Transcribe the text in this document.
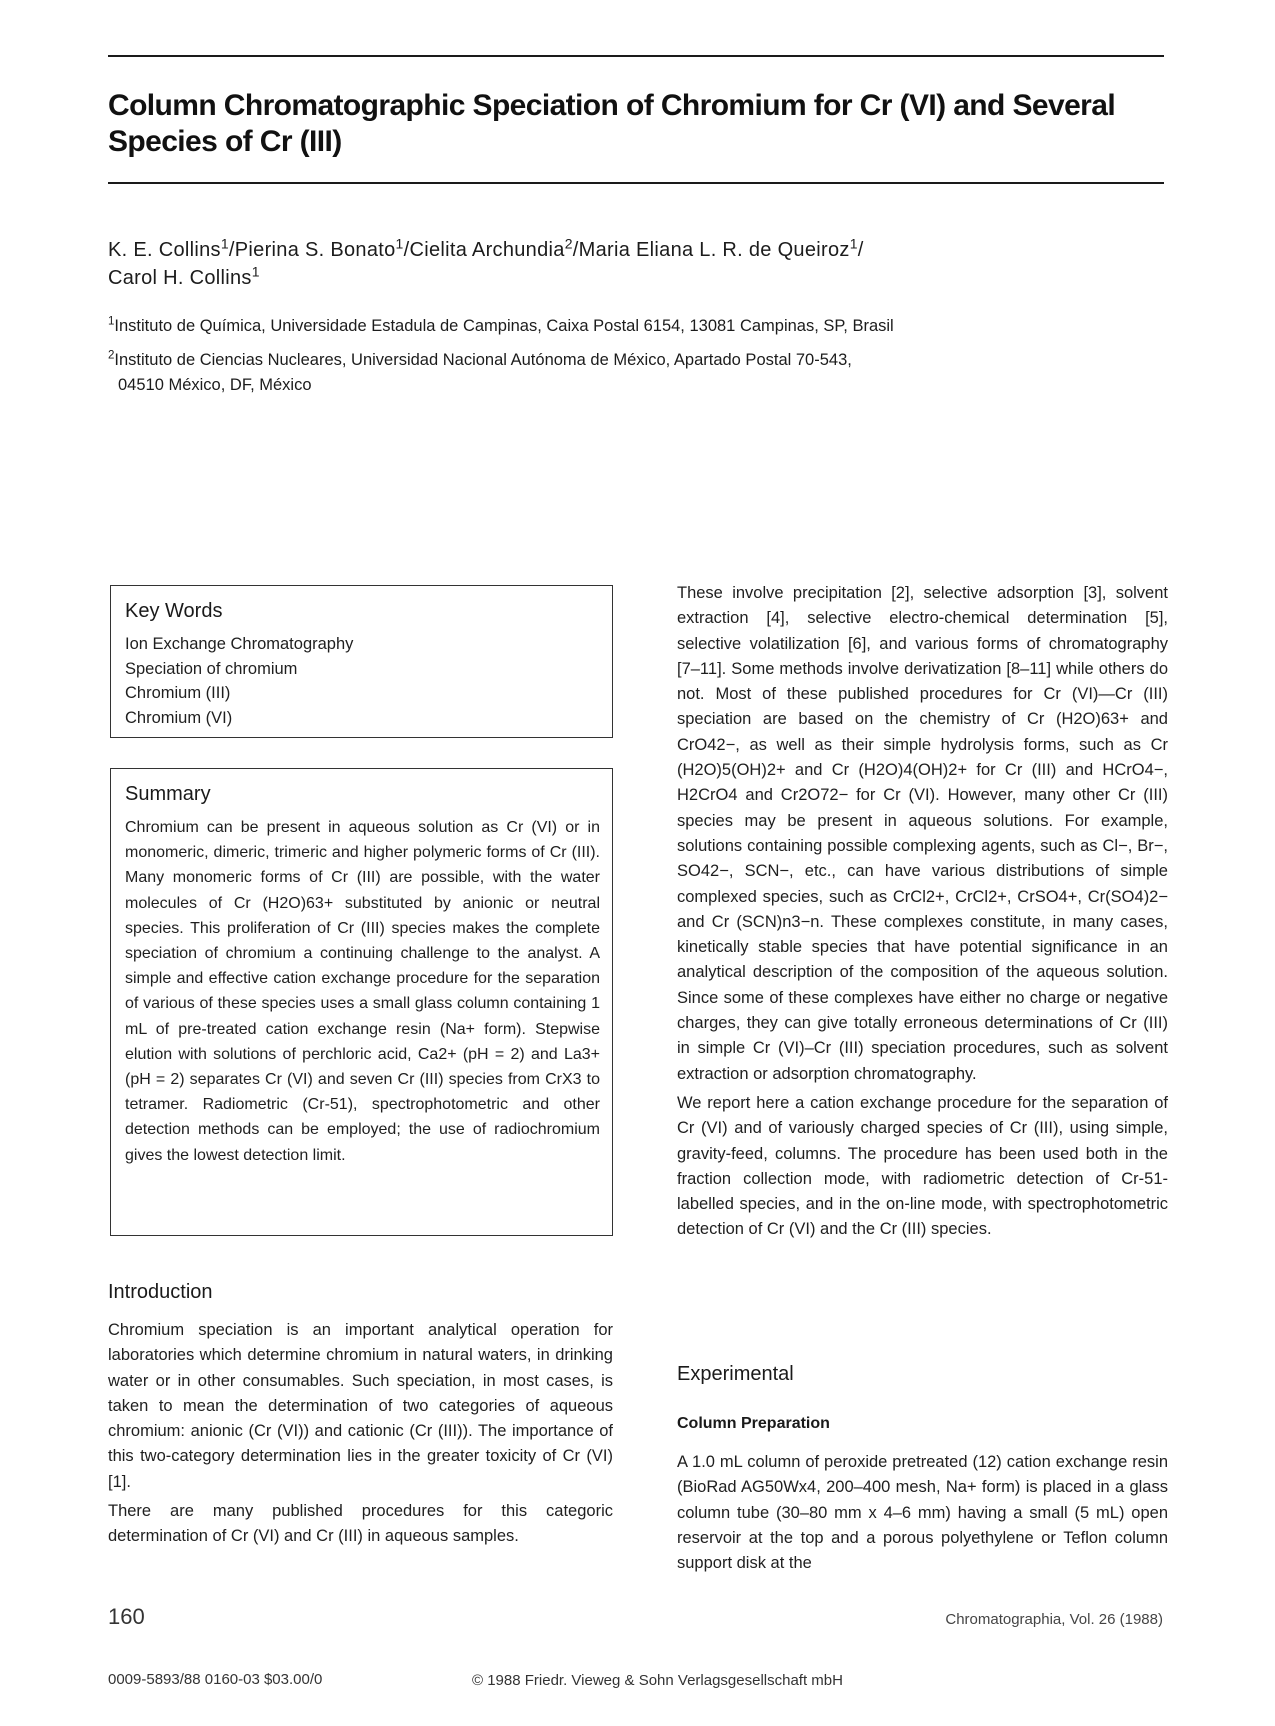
Column Chromatographic Speciation of Chromium for Cr (VI) and Several Species of Cr (III)
K. E. Collins$^1$/Pierina S. Bonato$^1$/Cielita Archundia$^2$/Maria Eliana L. R. de Queiroz$^1$/
Carol H. Collins$^1$
$^1$Instituto de Química, Universidade Estadula de Campinas, Caixa Postal 6154, 13081 Campinas, SP, Brasil
$^2$Instituto de Ciencias Nucleares, Universidad Nacional Autónoma de México, Apartado Postal 70-543,
04510 México, DF, México
Key Words
Ion Exchange Chromatography
Speciation of chromium
Chromium (III)
Chromium (VI)
Summary
Chromium can be present in aqueous solution as Cr (VI) or in monomeric, dimeric, trimeric and higher polymeric forms of Cr (III). Many monomeric forms of Cr (III) are possible, with the water molecules of Cr (H2O)63+ substituted by anionic or neutral species. This proliferation of Cr (III) species makes the complete speciation of chromium a continuing challenge to the analyst. A simple and effective cation exchange procedure for the separation of various of these species uses a small glass column containing 1 mL of pre-treated cation exchange resin (Na+ form). Stepwise elution with solutions of perchloric acid, Ca2+ (pH = 2) and La3+ (pH = 2) separates Cr (VI) and seven Cr (III) species from CrX3 to tetramer. Radiometric (Cr-51), spectrophotometric and other detection methods can be employed; the use of radiochromium gives the lowest detection limit.
Introduction

Chromium speciation is an important analytical operation for laboratories which determine chromium in natural waters, in drinking water or in other consumables. Such speciation, in most cases, is taken to mean the determination of two categories of aqueous chromium: anionic (Cr (VI)) and cationic (Cr (III)). The importance of this two-category determination lies in the greater toxicity of Cr (VI) [1].

There are many published procedures for this categoric determination of Cr (VI) and Cr (III) in aqueous samples.

These involve precipitation [2], selective adsorption [3], solvent extraction [4], selective electro-chemical determination [5], selective volatilization [6], and various forms of chromatography [7–11]. Some methods involve derivatization [8–11] while others do not. Most of these published procedures for Cr (VI)—Cr (III) speciation are based on the chemistry of Cr (H2O)63+ and CrO42−, as well as their simple hydrolysis forms, such as Cr (H2O)5(OH)2+ and Cr (H2O)4(OH)2+ for Cr (III) and HCrO4−, H2CrO4 and Cr2O72− for Cr (VI). However, many other Cr (III) species may be present in aqueous solutions. For example, solutions containing possible complexing agents, such as Cl−, Br−, SO42−, SCN−, etc., can have various distributions of simple complexed species, such as CrCl2+, CrCl2+, CrSO4+, Cr(SO4)2− and Cr (SCN)n3−n. These complexes constitute, in many cases, kinetically stable species that have potential significance in an analytical description of the composition of the aqueous solution. Since some of these complexes have either no charge or negative charges, they can give totally erroneous determinations of Cr (III) in simple Cr (VI)–Cr (III) speciation procedures, such as solvent extraction or adsorption chromatography.

We report here a cation exchange procedure for the separation of Cr (VI) and of variously charged species of Cr (III), using simple, gravity-feed, columns. The procedure has been used both in the fraction collection mode, with radiometric detection of Cr-51-labelled species, and in the on-line mode, with spectrophotometric detection of Cr (VI) and the Cr (III) species.

Experimental
Column Preparation

A 1.0 mL column of peroxide pretreated (12) cation exchange resin (BioRad AG50Wx4, 200–400 mesh, Na+ form) is placed in a glass column tube (30–80 mm x 4–6 mm) having a small (5 mL) open reservoir at the top and a porous polyethylene or Teflon column support disk at the

160	Chromatographia, Vol. 26 (1988)
0009-5893/88 0160-03 $03.00/0	© 1988 Friedr. Vieweg & Sohn Verlagsgesellschaft mbH
